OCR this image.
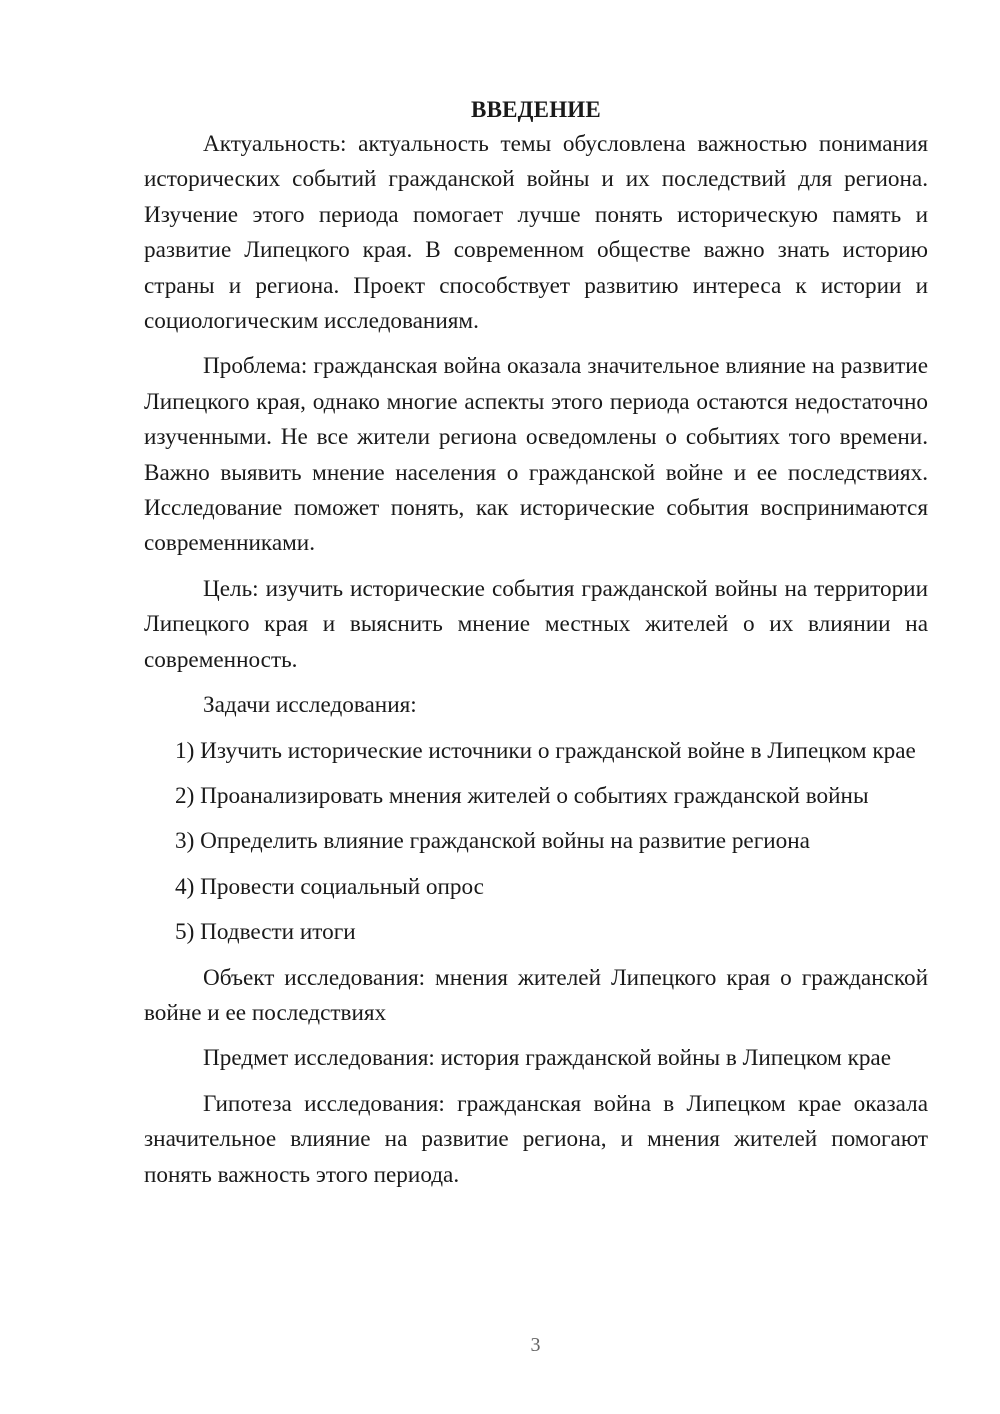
ВВЕДЕНИЕ

Актуальность: актуальность темы обусловлена важностью понимания исторических событий гражданской войны и их последствий для региона. Изучение этого периода помогает лучше понять историческую память и развитие Липецкого края. В современном обществе важно знать историю страны и региона. Проект способствует развитию интереса к истории и социологическим исследованиям.

Проблема: гражданская война оказала значительное влияние на развитие Липецкого края, однако многие аспекты этого периода остаются недостаточно изученными. Не все жители региона осведомлены о событиях того времени. Важно выявить мнение населения о гражданской войне и ее последствиях. Исследование поможет понять, как исторические события воспринимаются современниками.

Цель: изучить исторические события гражданской войны на территории Липецкого края и выяснить мнение местных жителей о их влиянии на современность.

Задачи исследования:

1) Изучить исторические источники о гражданской войне в Липецком крае

2) Проанализировать мнения жителей о событиях гражданской войны

3) Определить влияние гражданской войны на развитие региона

4) Провести социальный опрос

5) Подвести итоги

Объект исследования: мнения жителей Липецкого края о гражданской войне и ее последствиях

Предмет исследования: история гражданской войны в Липецком крае

Гипотеза исследования: гражданская война в Липецком крае оказала значительное влияние на развитие региона, и мнения жителей помогают понять важность этого периода.

3
